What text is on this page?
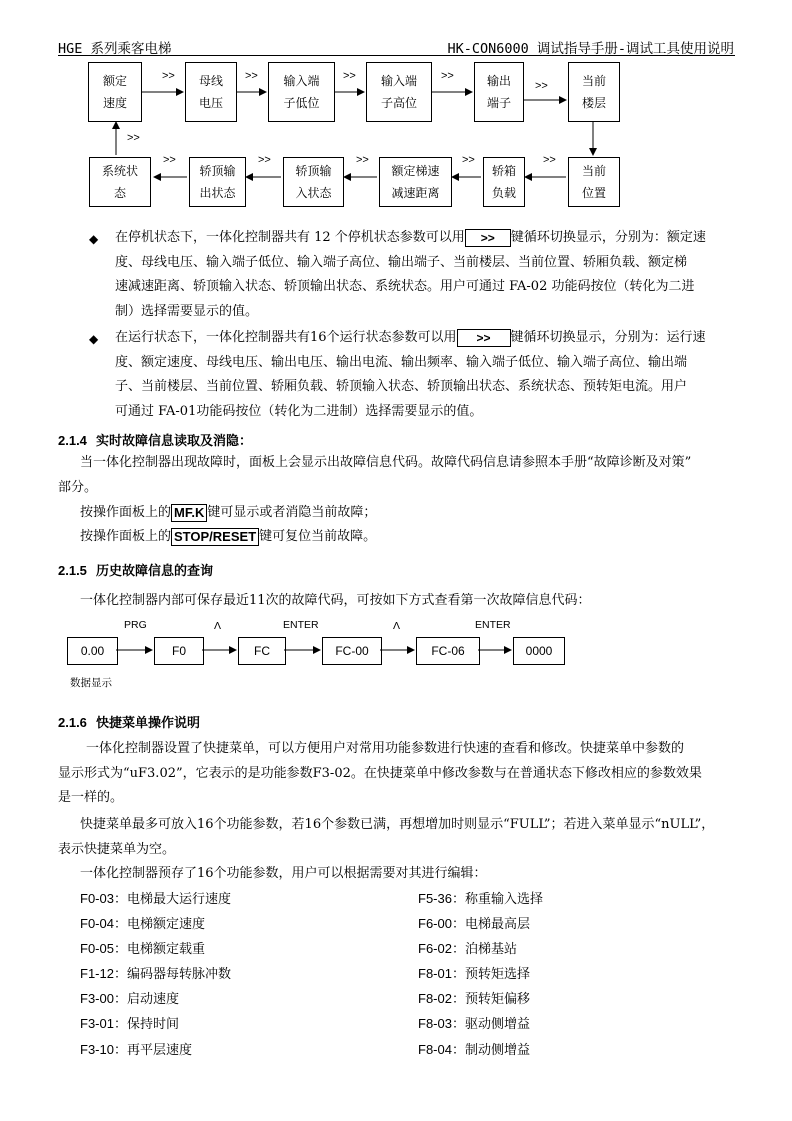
HGE 系列乘客电梯	HK-CON6000 调试指导手册-调试工具使用说明
额定
速度
母线
电压
输入端
子低位
输入端
子高位
输出
端子
当前
楼层
系统状
态
轿顶输
出状态
轿顶输
入状态
额定梯速
减速距离
轿箱
负载
当前
位置
>>	>>	>>	>>
>>
>>
>>	>>	>>	>>	>>
◆ 在停机状态下，一体化控制器共有 12 个停机状态参数可以用 >> 键循环切换显示，分别为：额定速
度、母线电压、输入端子低位、输入端子高位、输出端子、当前楼层、当前位置、轿厢负载、额定梯
速减速距离、轿顶输入状态、轿顶输出状态、系统状态。用户可通过 FA-02 功能码按位（转化为二进
制）选择需要显示的值。
◆ 在运行状态下，一体化控制器共有16个运行状态参数可以用 >> 键循环切换显示，分别为：运行速
度、额定速度、母线电压、输出电压、输出电流、输出频率、输入端子低位、输入端子高位、输出端
子、当前楼层、当前位置、轿厢负载、轿顶输入状态、轿顶输出状态、系统状态、预转矩电流。用户
可通过 FA-01功能码按位（转化为二进制）选择需要显示的值。
2.1.4 实时故障信息读取及消隐：
当一体化控制器出现故障时，面板上会显示出故障信息代码。故障代码信息请参照本手册“故障诊断及对策”
部分。
按操作面板上的 MF.K 键可显示或者消隐当前故障；
按操作面板上的 STOP/RESET 键可复位当前故障。
2.1.5 历史故障信息的查询
一体化控制器内部可保存最近11次的故障代码，可按如下方式查看第一次故障信息代码：
0.00	F0	FC	FC-00	FC-06	0000
PRG	Λ	ENTER	Λ	ENTER
数据显示
2.1.6 快捷菜单操作说明
一体化控制器设置了快捷菜单，可以方便用户对常用功能参数进行快速的查看和修改。快捷菜单中参数的
显示形式为“uF3.02”，它表示的是功能参数F3-02。在快捷菜单中修改参数与在普通状态下修改相应的参数效果
是一样的。
快捷菜单最多可放入16个功能参数，若16个参数已满，再想增加时则显示“FULL”；若进入菜单显示“nULL”，
表示快捷菜单为空。
一体化控制器预存了16个功能参数，用户可以根据需要对其进行编辑：
F0-03：电梯最大运行速度
F0-04：电梯额定速度
F0-05：电梯额定载重
F1-12：编码器每转脉冲数
F3-00：启动速度
F3-01：保持时间
F3-10：再平层速度
F5-36：称重输入选择
F6-00：电梯最高层
F6-02：泊梯基站
F8-01：预转矩选择
F8-02：预转矩偏移
F8-03：驱动侧增益
F8-04：制动侧增益
